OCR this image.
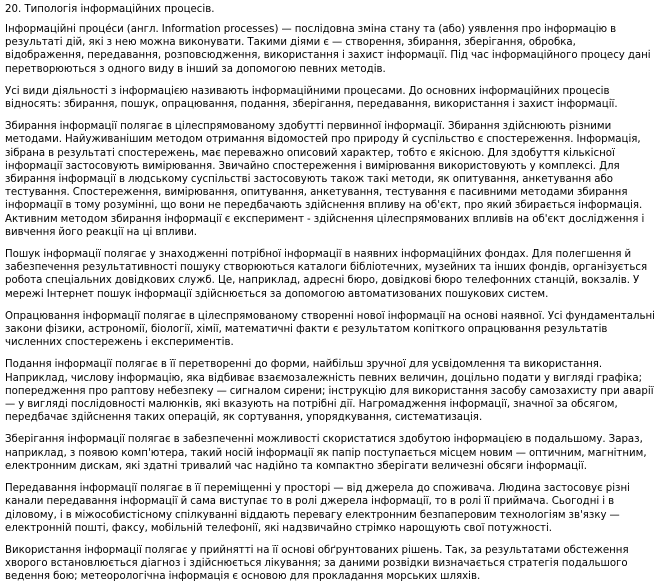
20. Типологія інформаційних процесів.

Інформаційні проце́си (англ. Information processes) — послідовна зміна стану та (або) уявлення про інформацію в результаті дій, які з нею можна виконувати. Такими діями є — створення, збирання, зберігання, обробка, відображення, передавання, розповсюдження, використання і захист інформації. Під час інформаційного процесу дані перетворюються з одного виду в інший за допомогою певних методів.

Усі види діяльності з інформацією називають інформаційними процесами. До основних інформаційних процесів відносять: збирання, пошук, опрацювання, подання, зберігання, передавання, використання і захист інформації.

Збирання інформації полягає в цілеспрямованому здобутті первинної інформації. Збирання здійснюють різними методами. Найуживанішим методом отримання відомостей про природу й суспільство є спостереження. Інформація, зібрана в результаті спостережень, має переважно описовий характер, тобто є якісною. Для здобуття кількісної інформації застосовують вимірювання. Звичайно спостереження і вимірювання використовують у комплексі. Для збирання інформації в людському суспільстві застосовують також такі методи, як опитування, анкетування або тестування. Спостереження, вимірювання, опитування, анкетування, тестування є пасивними методами збирання інформації в тому розумінні, що вони не передбачають здійснення впливу на об'єкт, про який збирається інформація. Активним методом збирання інформації є експеримент - здійснення цілеспрямованих впливів на об'єкт дослідження і вивчення його реакції на ці впливи.

Пошук інформації полягає у знаходженні потрібної інформації в наявних інформаційних фондах. Для полегшення й забезпечення результативності пошуку створюються каталоги бібліотечних, музейних та інших фондів, організується робота спеціальних довідкових служб. Це, наприклад, адресні бюро, довідкові бюро телефонних станцій, вокзалів. У мережі Інтернет пошук інформації здійснюється за допомогою автоматизованих пошукових систем.

Опрацювання інформації полягає в цілеспрямованому створенні нової інформації на основі наявної. Усі фундаментальні закони фізики, астрономії, біології, хімії, математичні факти є результатом копіткого опрацювання результатів численних спостережень і експериментів.

Подання інформації полягає в її перетворенні до форми, найбільш зручної для усвідомлення та використання. Наприклад, числову інформацію, яка відбиває взаємозалежність певних величин, доцільно подати у вигляді графіка; попередження про раптову небезпеку — сигналом сирени; інструкцію для використання засобу самозахисту при аварії — у вигляді послідовності малюнків, які вказують на потрібні дії. Нагромадження інформації, значної за обсягом, передбачає здійснення таких операцій, як сортування, упорядкування, систематизація.

Зберігання інформації полягає в забезпеченні можливості скористатися здобутою інформацією в подальшому. Зараз, наприклад, з появою комп'ютера, такий носій інформації як папір поступається місцем новим — оптичним, магнітним, електронним дискам, які здатні тривалий час надійно та компактно зберігати величезні обсяги інформації.

Передавання інформації полягає в її переміщенні у просторі — від джерела до споживача. Людина застосовує різні канали передавання інформації й сама виступає то в ролі джерела інформації, то в ролі її приймача. Сьогодні і в діловому, і в міжособистісному спілкуванні віддають перевагу електронним безпаперовим технологіям зв'язку — електронній пошті, факсу, мобільній телефонії, які надзвичайно стрімко нарощують свої потужності.

Використання інформації полягає у прийнятті на її основі обґрунтованих рішень. Так, за результатами обстеження хворого встановлюється діагноз і здійснюється лікування; за даними розвідки визначається стратегія подальшого ведення бою; метеорологічна інформація є основою для прокладання морських шляхів.
